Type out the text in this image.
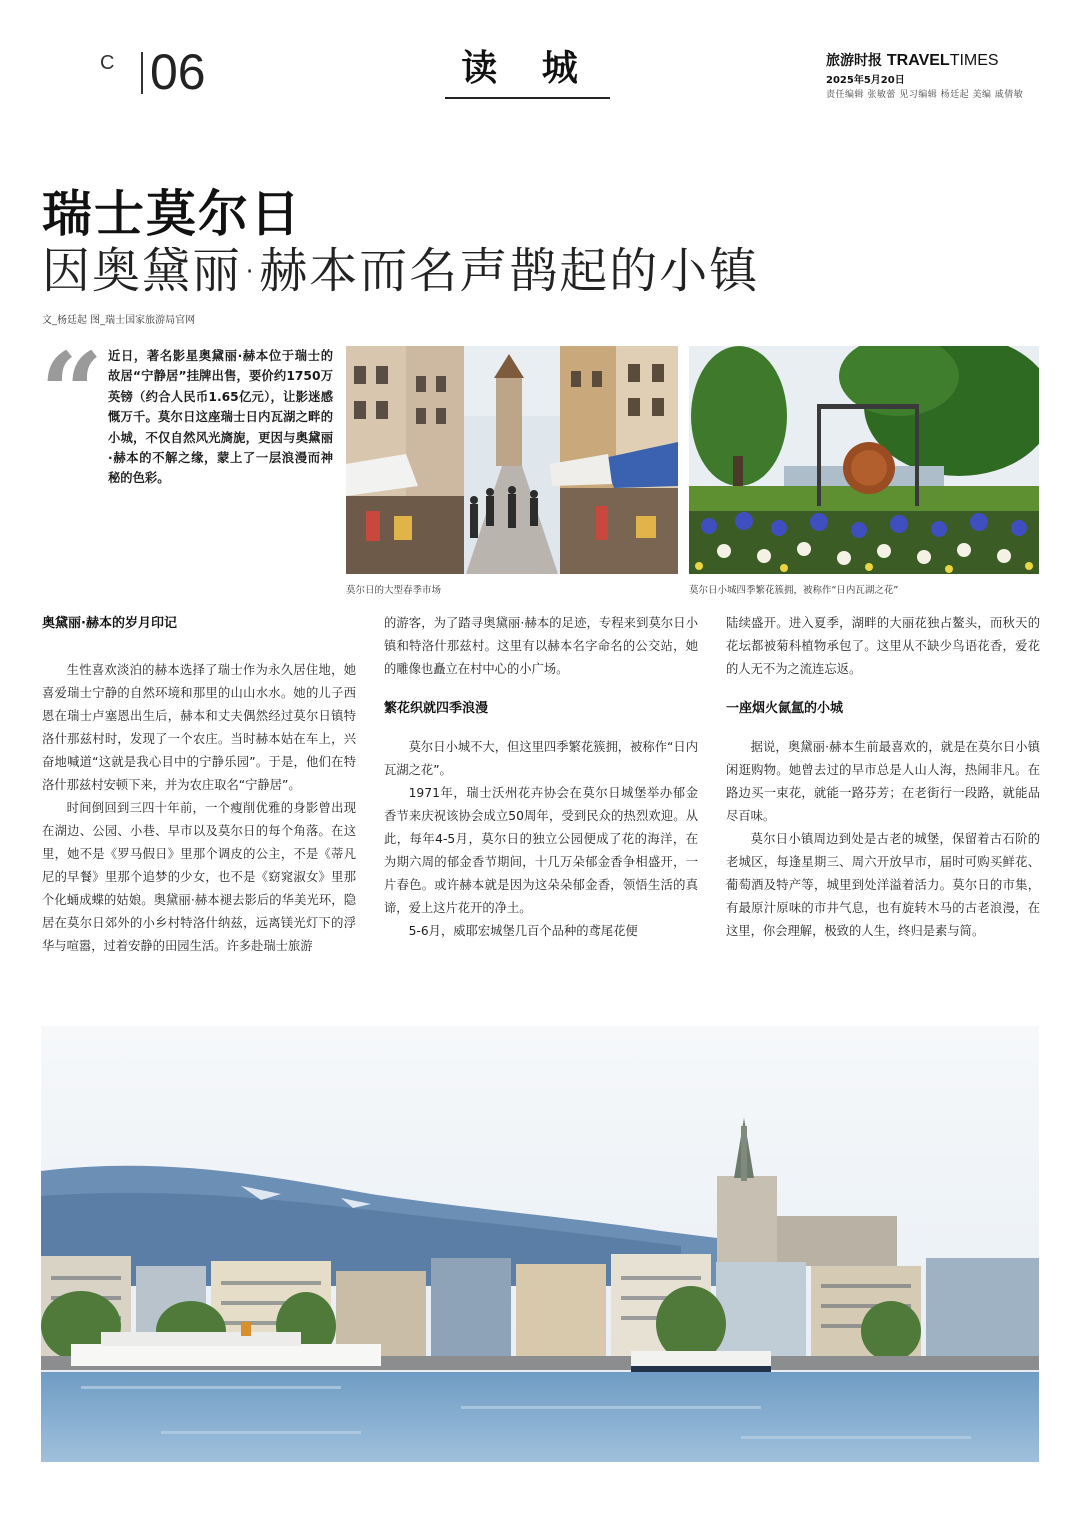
C 06	读 城	旅游时报 TRAVELTIMES
2025年5月20日
责任编辑 张敏蕾 见习编辑 杨廷起 美编 戚倩敏
瑞士莫尔日
因奥黛丽·赫本而名声鹊起的小镇
文_杨廷起 图_瑞士国家旅游局官网
“ 近日，著名影星奥黛丽·赫本位于瑞士的故居“宁静居”挂牌出售，要价约1750万英镑（约合人民币1.65亿元），让影迷感慨万千。莫尔日这座瑞士日内瓦湖之畔的小城，不仅自然风光旖旎，更因与奥黛丽·赫本的不解之缘，蒙上了一层浪漫而神秘的色彩。
莫尔日的大型春季市场	莫尔日小城四季繁花簇拥，被称作“日内瓦湖之花”
奥黛丽·赫本的岁月印记

生性喜欢淡泊的赫本选择了瑞士作为永久居住地，她喜爱瑞士宁静的自然环境和那里的山山水水。她的儿子西恩在瑞士卢塞恩出生后，赫本和丈夫偶然经过莫尔日镇特洛什那兹村时，发现了一个农庄。当时赫本姑在车上，兴奋地喊道“这就是我心目中的宁静乐园”。于是，他们在特洛什那兹村安顿下来，并为农庄取名“宁静居”。

时间倒回到三四十年前，一个瘦削优雅的身影曾出现在湖边、公园、小巷、早市以及莫尔日的每个角落。在这里，她不是《罗马假日》里那个调皮的公主，不是《蒂凡尼的早餐》里那个追梦的少女，也不是《窈窕淑女》里那个化蛹成蝶的姑娘。奥黛丽·赫本褪去影后的华美光环，隐居在莫尔日郊外的小乡村特洛什纳兹，远离镁光灯下的浮华与喧嚣，过着安静的田园生活。许多赴瑞士旅游

的游客，为了踏寻奥黛丽·赫本的足迹，专程来到莫尔日小镇和特洛什那兹村。这里有以赫本名字命名的公交站，她的雕像也矗立在村中心的小广场。

繁花织就四季浪漫

莫尔日小城不大，但这里四季繁花簇拥，被称作“日内瓦湖之花”。

1971年，瑞士沃州花卉协会在莫尔日城堡举办郁金香节来庆祝该协会成立50周年，受到民众的热烈欢迎。从此，每年4-5月，莫尔日的独立公园便成了花的海洋，在为期六周的郁金香节期间，十几万朵郁金香争相盛开，一片春色。或许赫本就是因为这朵朵郁金香，领悟生活的真谛，爱上这片花开的净土。

5-6月，威耶宏城堡几百个品种的鸢尾花便

陆续盛开。进入夏季，湖畔的大丽花独占鳌头，而秋天的花坛都被菊科植物承包了。这里从不缺少鸟语花香，爱花的人无不为之流连忘返。

一座烟火氤氲的小城

据说，奥黛丽·赫本生前最喜欢的，就是在莫尔日小镇闲逛购物。她曾去过的早市总是人山人海，热闹非凡。在路边买一束花，就能一路芬芳；在老街行一段路，就能品尽百味。

莫尔日小镇周边到处是古老的城堡，保留着古石阶的老城区，每逢星期三、周六开放早市，届时可购买鲜花、葡萄酒及特产等，城里到处洋溢着活力。莫尔日的市集，有最原汁原味的市井气息，也有旋转木马的古老浪漫，在这里，你会理解，极致的人生，终归是素与简。
